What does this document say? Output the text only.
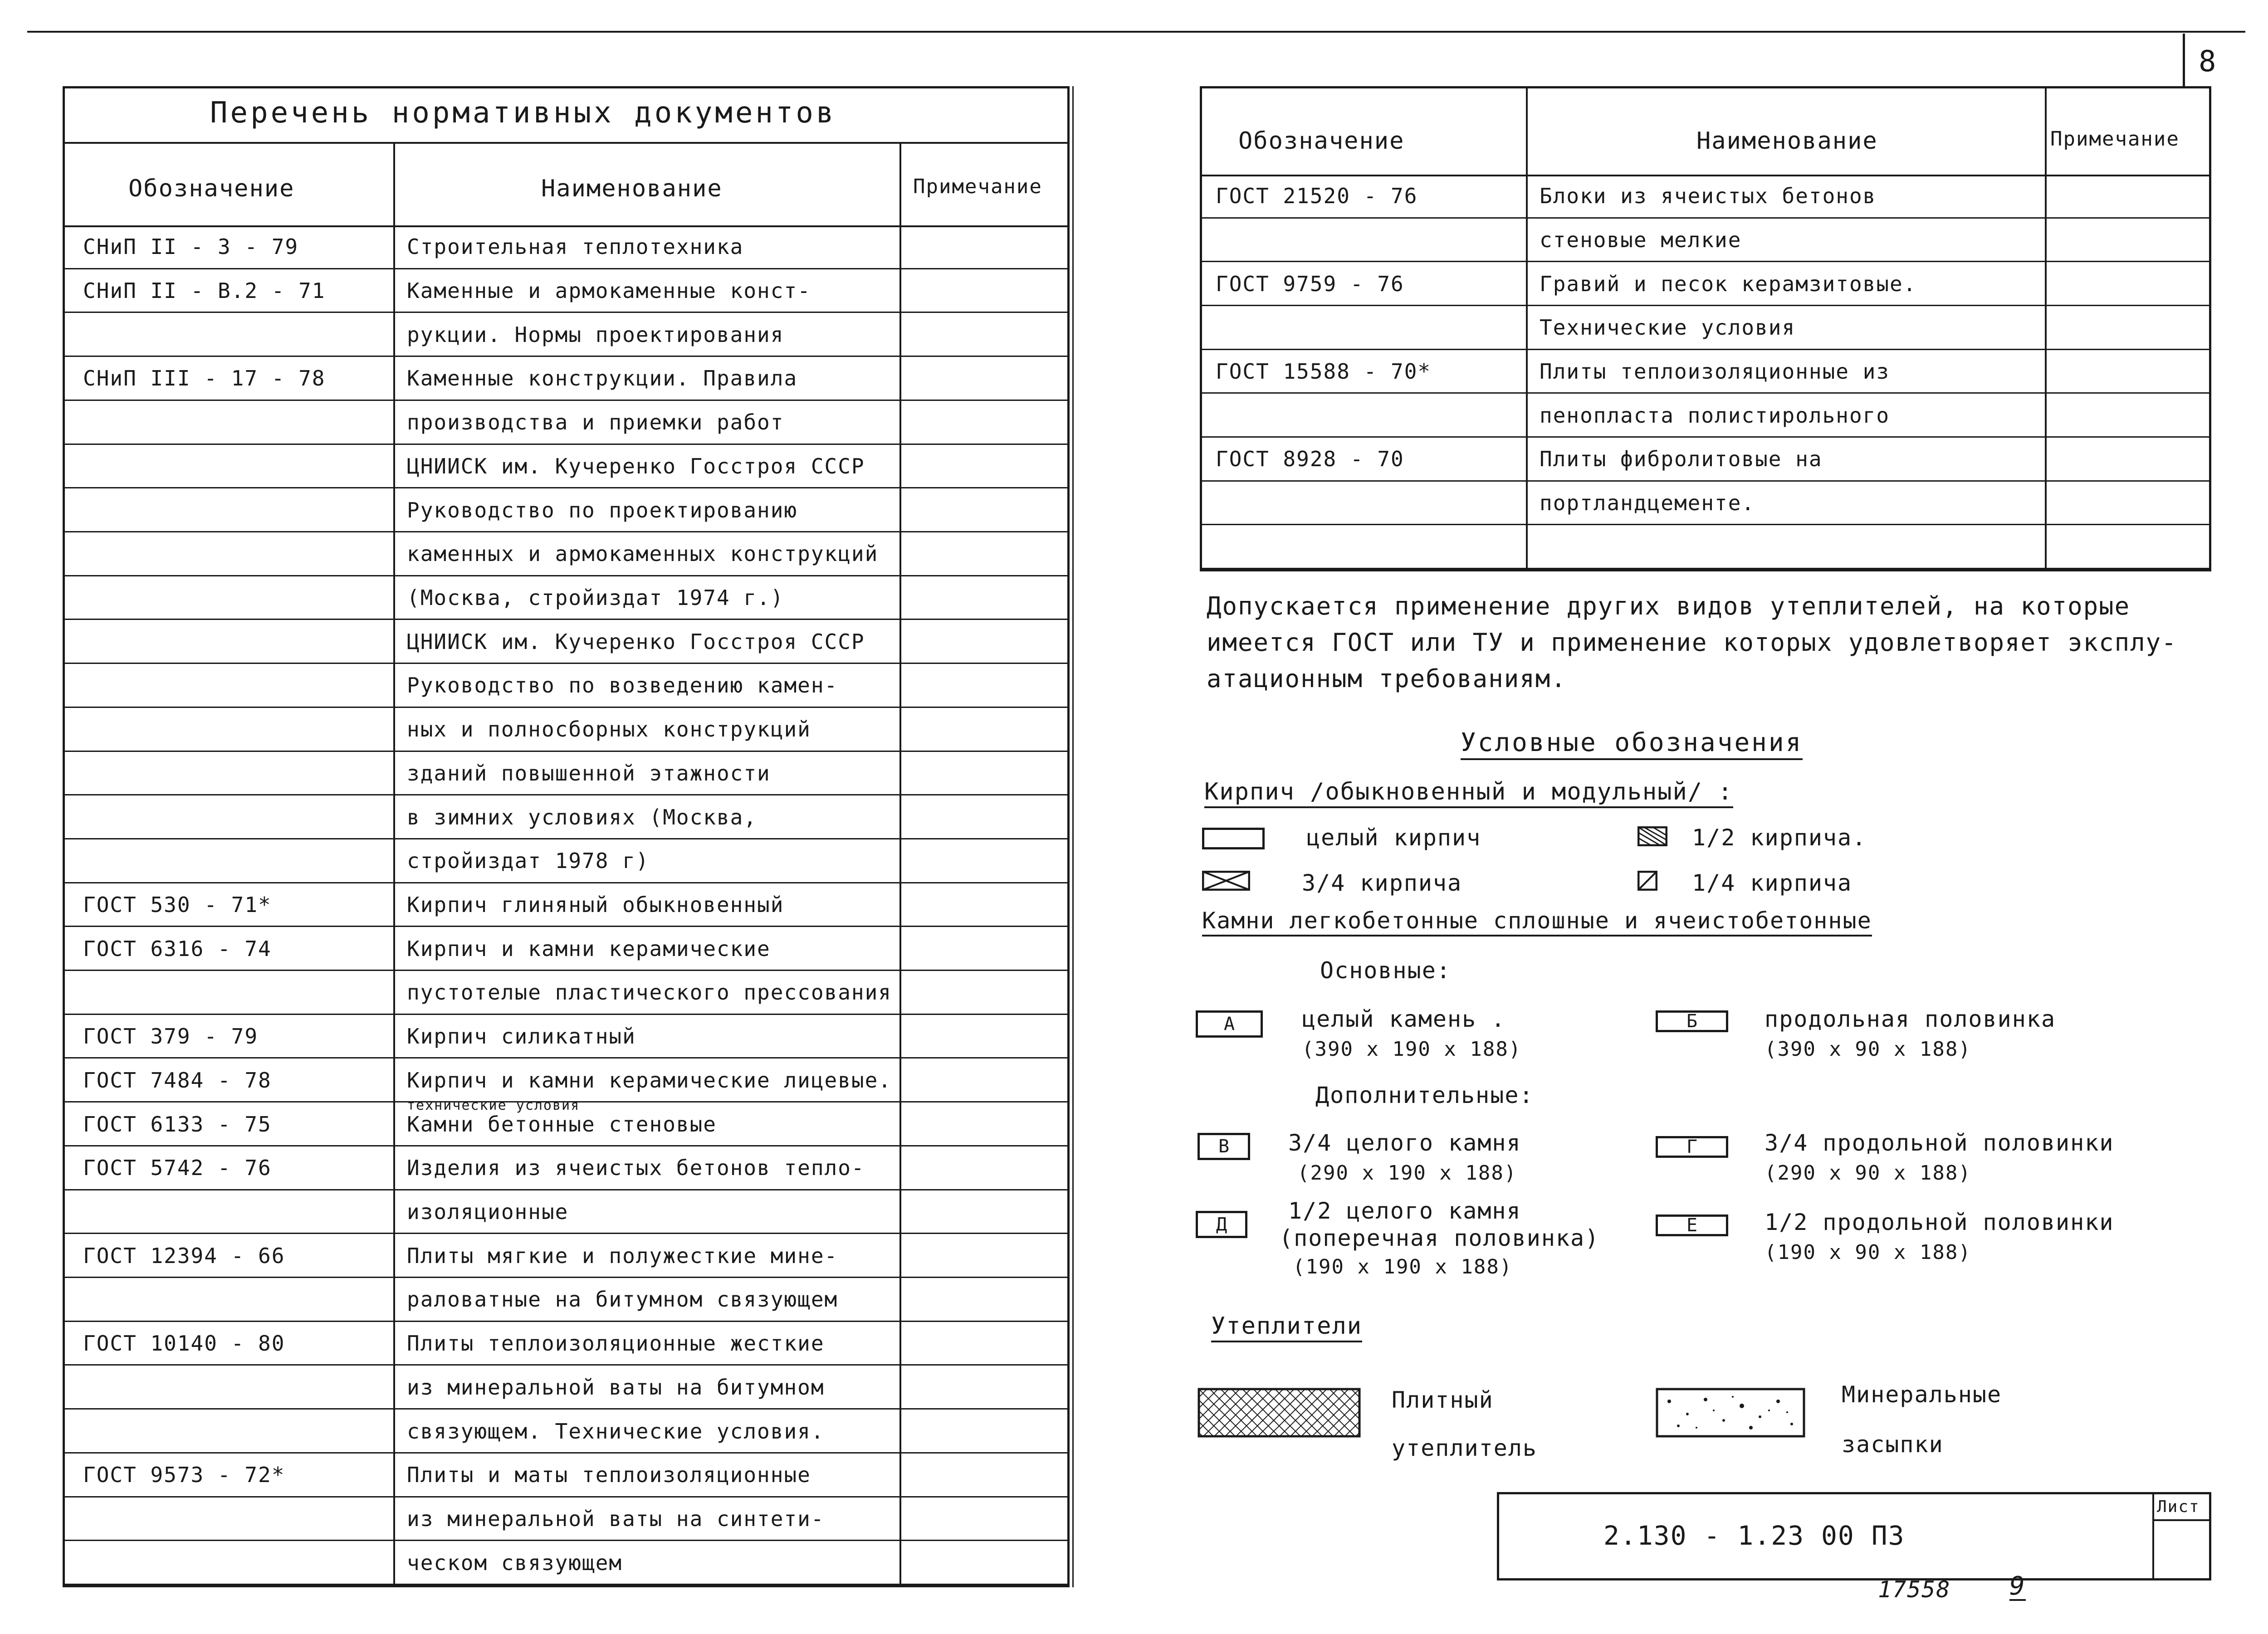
8
Перечень нормативных документов
Обозначение	Наименование	Примечание
СНиП II - 3 - 79	Строительная теплотехника
СНиП II - В.2 - 71	Каменные и армокаменные конст-
рукции. Нормы проектирования
СНиП III - 17 - 78	Каменные конструкции. Правила
производства и приемки работ
ЦНИИСК им. Кучеренко Госстроя СССР
Руководство по проектированию
каменных и армокаменных конструкций
(Москва, стройиздат 1974 г.)
ЦНИИСК им. Кучеренко Госстроя СССР
Руководство по возведению камен-
ных и полносборных конструкций
зданий повышенной этажности
в зимних условиях (Москва,
стройиздат 1978 г)
ГОСТ 530 - 71*	Кирпич глиняный обыкновенный
ГОСТ 6316 - 74	Кирпич и камни керамические
пустотелые пластического прессования
ГОСТ 379 - 79	Кирпич силикатный
ГОСТ 7484 - 78	Кирпич и камни керамические лицевые.
ГОСТ 6133 - 75	Камни бетонные стеновые
ГОСТ 5742 - 76	Изделия из ячеистых бетонов тепло-
изоляционные
ГОСТ 12394 - 66	Плиты мягкие и полужесткие мине-
раловатные на битумном связующем
ГОСТ 10140 - 80	Плиты теплоизоляционные жесткие
из минеральной ваты на битумном
связующем. Технические условия.
ГОСТ 9573 - 72*	Плиты и маты теплоизоляционные
из минеральной ваты на синтети-
ческом связующем
технические условия
Обозначение	Наименование	Примечание
ГОСТ 21520 - 76	Блоки из ячеистых бетонов
стеновые мелкие
ГОСТ 9759 - 76	Гравий и песок керамзитовые.
Технические условия
ГОСТ 15588 - 70*	Плиты теплоизоляционные из
пенопласта полистирольного
ГОСТ 8928 - 70	Плиты фибролитовые на
портландцементе.
Допускается применение других видов утеплителей, на которые
имеется ГОСТ или ТУ и применение которых удовлетворяет эксплу-
атационным требованиям.
Условные обозначения
Кирпич /обыкновенный и модульный/ :
целый кирпич	1/2 кирпича.
3/4 кирпича	1/4 кирпича
Камни легкобетонные сплошные и ячеистобетонные
Основные:
А	целый камень .
(390 x 190 x 188)
Б	продольная половинка
(390 x 90 x 188)
Дополнительные:
В	3/4 целого камня
(290 x 190 x 188)
Г	3/4 продольной половинки
(290 x 90 x 188)
Д
1/2 целого камня
(поперечная половинка)
(190 x 190 x 188)
Е	1/2 продольной половинки
(190 x 90 x 188)
Утеплители
Плитный
утеплитель
Минеральные
засыпки
2.130 - 1.23 00 ПЗ
Лист
17558 9
